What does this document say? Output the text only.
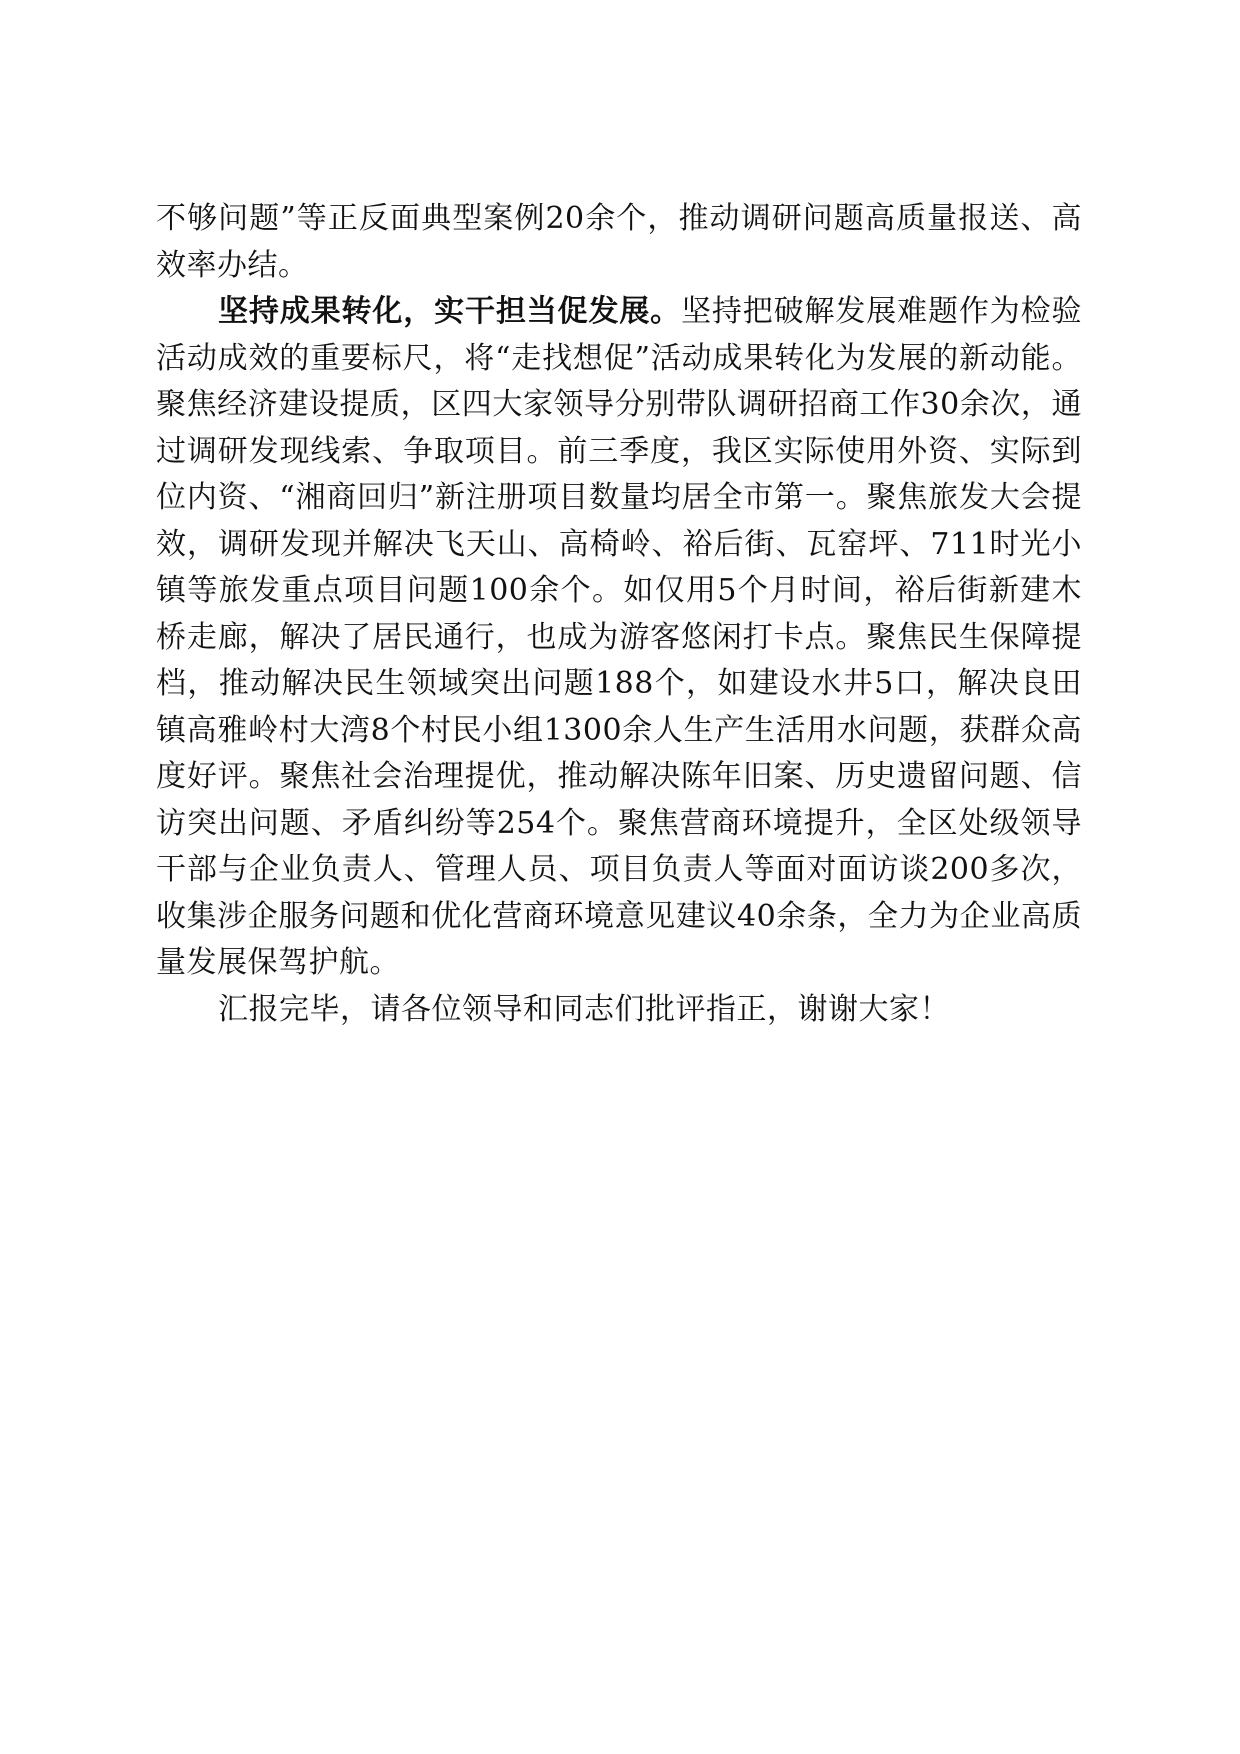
不够问题”等正反面典型案例20余个，推动调研问题高质量报送、高效率办结。

坚持成果转化，实干担当促发展。坚持把破解发展难题作为检验活动成效的重要标尺，将“走找想促”活动成果转化为发展的新动能。聚焦经济建设提质，区四大家领导分别带队调研招商工作30余次，通过调研发现线索、争取项目。前三季度，我区实际使用外资、实际到位内资、“湘商回归”新注册项目数量均居全市第一。聚焦旅发大会提效，调研发现并解决飞天山、高椅岭、裕后街、瓦窑坪、711时光小镇等旅发重点项目问题100余个。如仅用5个月时间，裕后街新建木桥走廊，解决了居民通行，也成为游客悠闲打卡点。聚焦民生保障提档，推动解决民生领域突出问题188个，如建设水井5口，解决良田镇高雅岭村大湾8个村民小组1300余人生产生活用水问题，获群众高度好评。聚焦社会治理提优，推动解决陈年旧案、历史遗留问题、信访突出问题、矛盾纠纷等254个。聚焦营商环境提升，全区处级领导干部与企业负责人、管理人员、项目负责人等面对面访谈200多次，收集涉企服务问题和优化营商环境意见建议40余条，全力为企业高质量发展保驾护航。

汇报完毕，请各位领导和同志们批评指正，谢谢大家！
